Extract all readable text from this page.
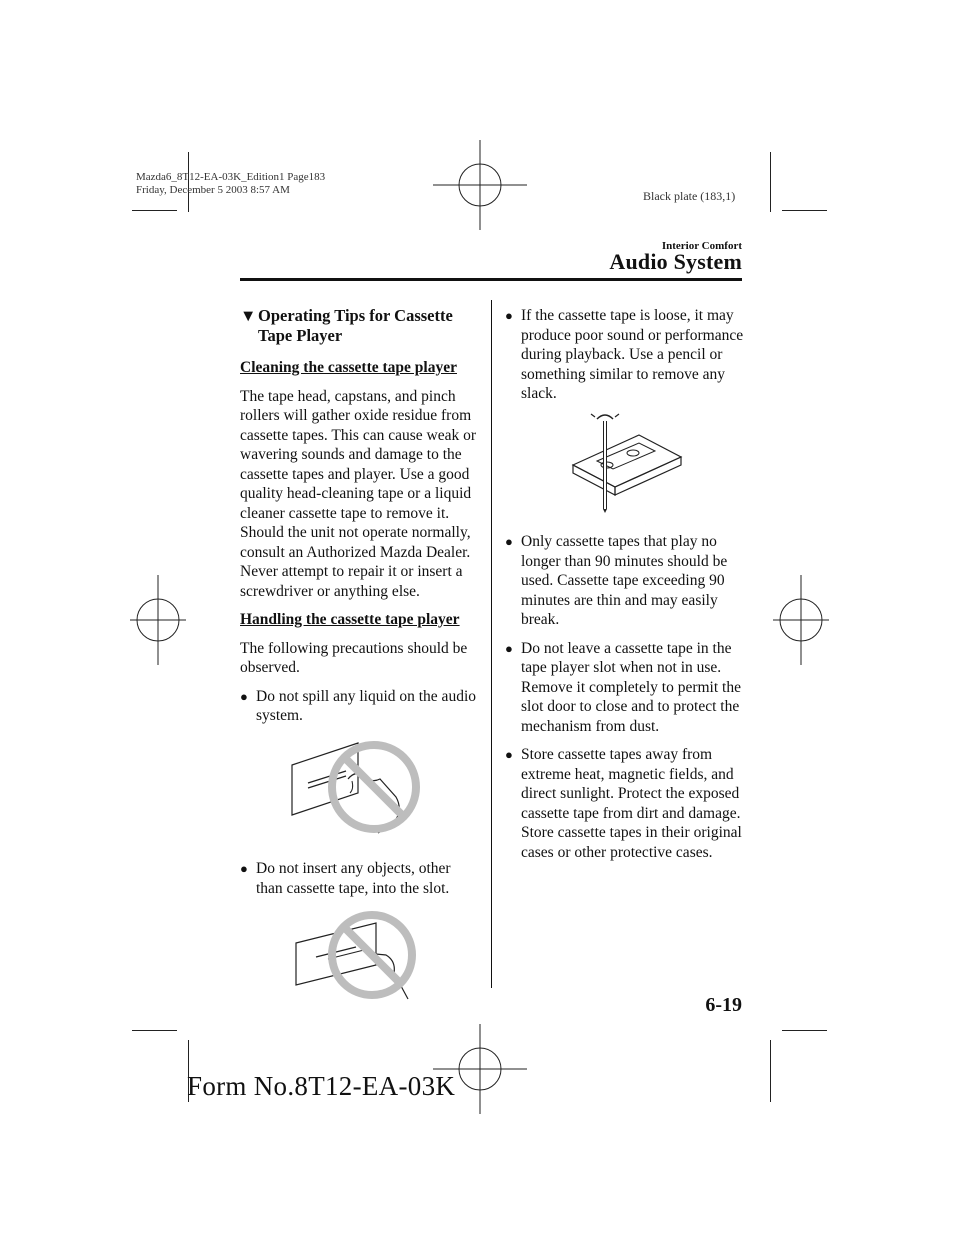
Mazda6_8T12-EA-03K_Edition1 Page183
Friday, December 5 2003 8:57 AM	Black plate (183,1)
Interior Comfort
Audio System
▼ Operating Tips for Cassette Tape Player

Cleaning the cassette tape player

The tape head, capstans, and pinch rollers will gather oxide residue from cassette tapes. This can cause weak or wavering sounds and damage to the cassette tapes and player. Use a good quality head-cleaning tape or a liquid cleaner cassette tape to remove it.

Should the unit not operate normally, consult an Authorized Mazda Dealer. Never attempt to repair it or insert a screwdriver or anything else.

Handling the cassette tape player

The following precautions should be observed.

● Do not spill any liquid on the audio system.
● Do not insert any objects, other than cassette tape, into the slot.
● If the cassette tape is loose, it may produce poor sound or performance during playback. Use a pencil or something similar to remove any slack.
● Only cassette tapes that play no longer than 90 minutes should be used. Cassette tape exceeding 90 minutes are thin and may easily break.
● Do not leave a cassette tape in the tape player slot when not in use. Remove it completely to permit the slot door to close and to protect the mechanism from dust.
● Store cassette tapes away from extreme heat, magnetic fields, and direct sunlight. Protect the exposed cassette tape from dirt and damage. Store cassette tapes in their original cases or other protective cases.
6-19
Form No.8T12-EA-03K
